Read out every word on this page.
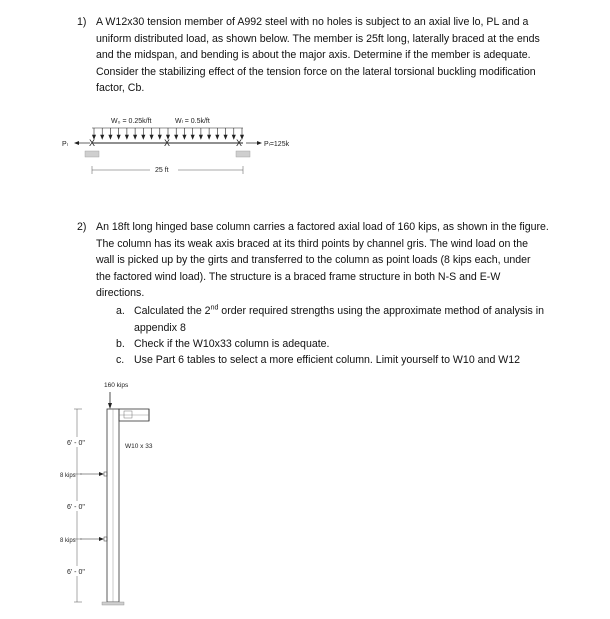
1) A W12x30 tension member of A992 steel with no holes is subject to an axial live lo, PL and a
uniform distributed load, as shown below. The member is 25ft long, laterally braced at the ends
and the midspan, and bending is about the major axis. Determine if the member is adequate.
Consider the stabilizing effect of the tension force on the lateral torsional buckling modification
factor, Cb.
W₀ = 0.25k/ft	Wₗ = 0.5k/ft
X	X	X
Pₗ	Pₗ=125k
25 ft
160 kips
W10 x 33
6' - 0"
6' - 0"
6' - 0"
8 kips
8 kips
2) An 18ft long hinged base column carries a factored axial load of 160 kips, as shown in the figure.
The column has its weak axis braced at its third points by channel gris. The wind load on the
wall is picked up by the girts and transferred to the column as point loads (8 kips each, under
the factored wind load). The structure is a braced frame structure in both N-S and E-W
directions.
a. Calculated the 2nd order required strengths using the approximate method of analysis in
appendix 8
b. Check if the W10x33 column is adequate.
c. Use Part 6 tables to select a more efficient column. Limit yourself to W10 and W12
